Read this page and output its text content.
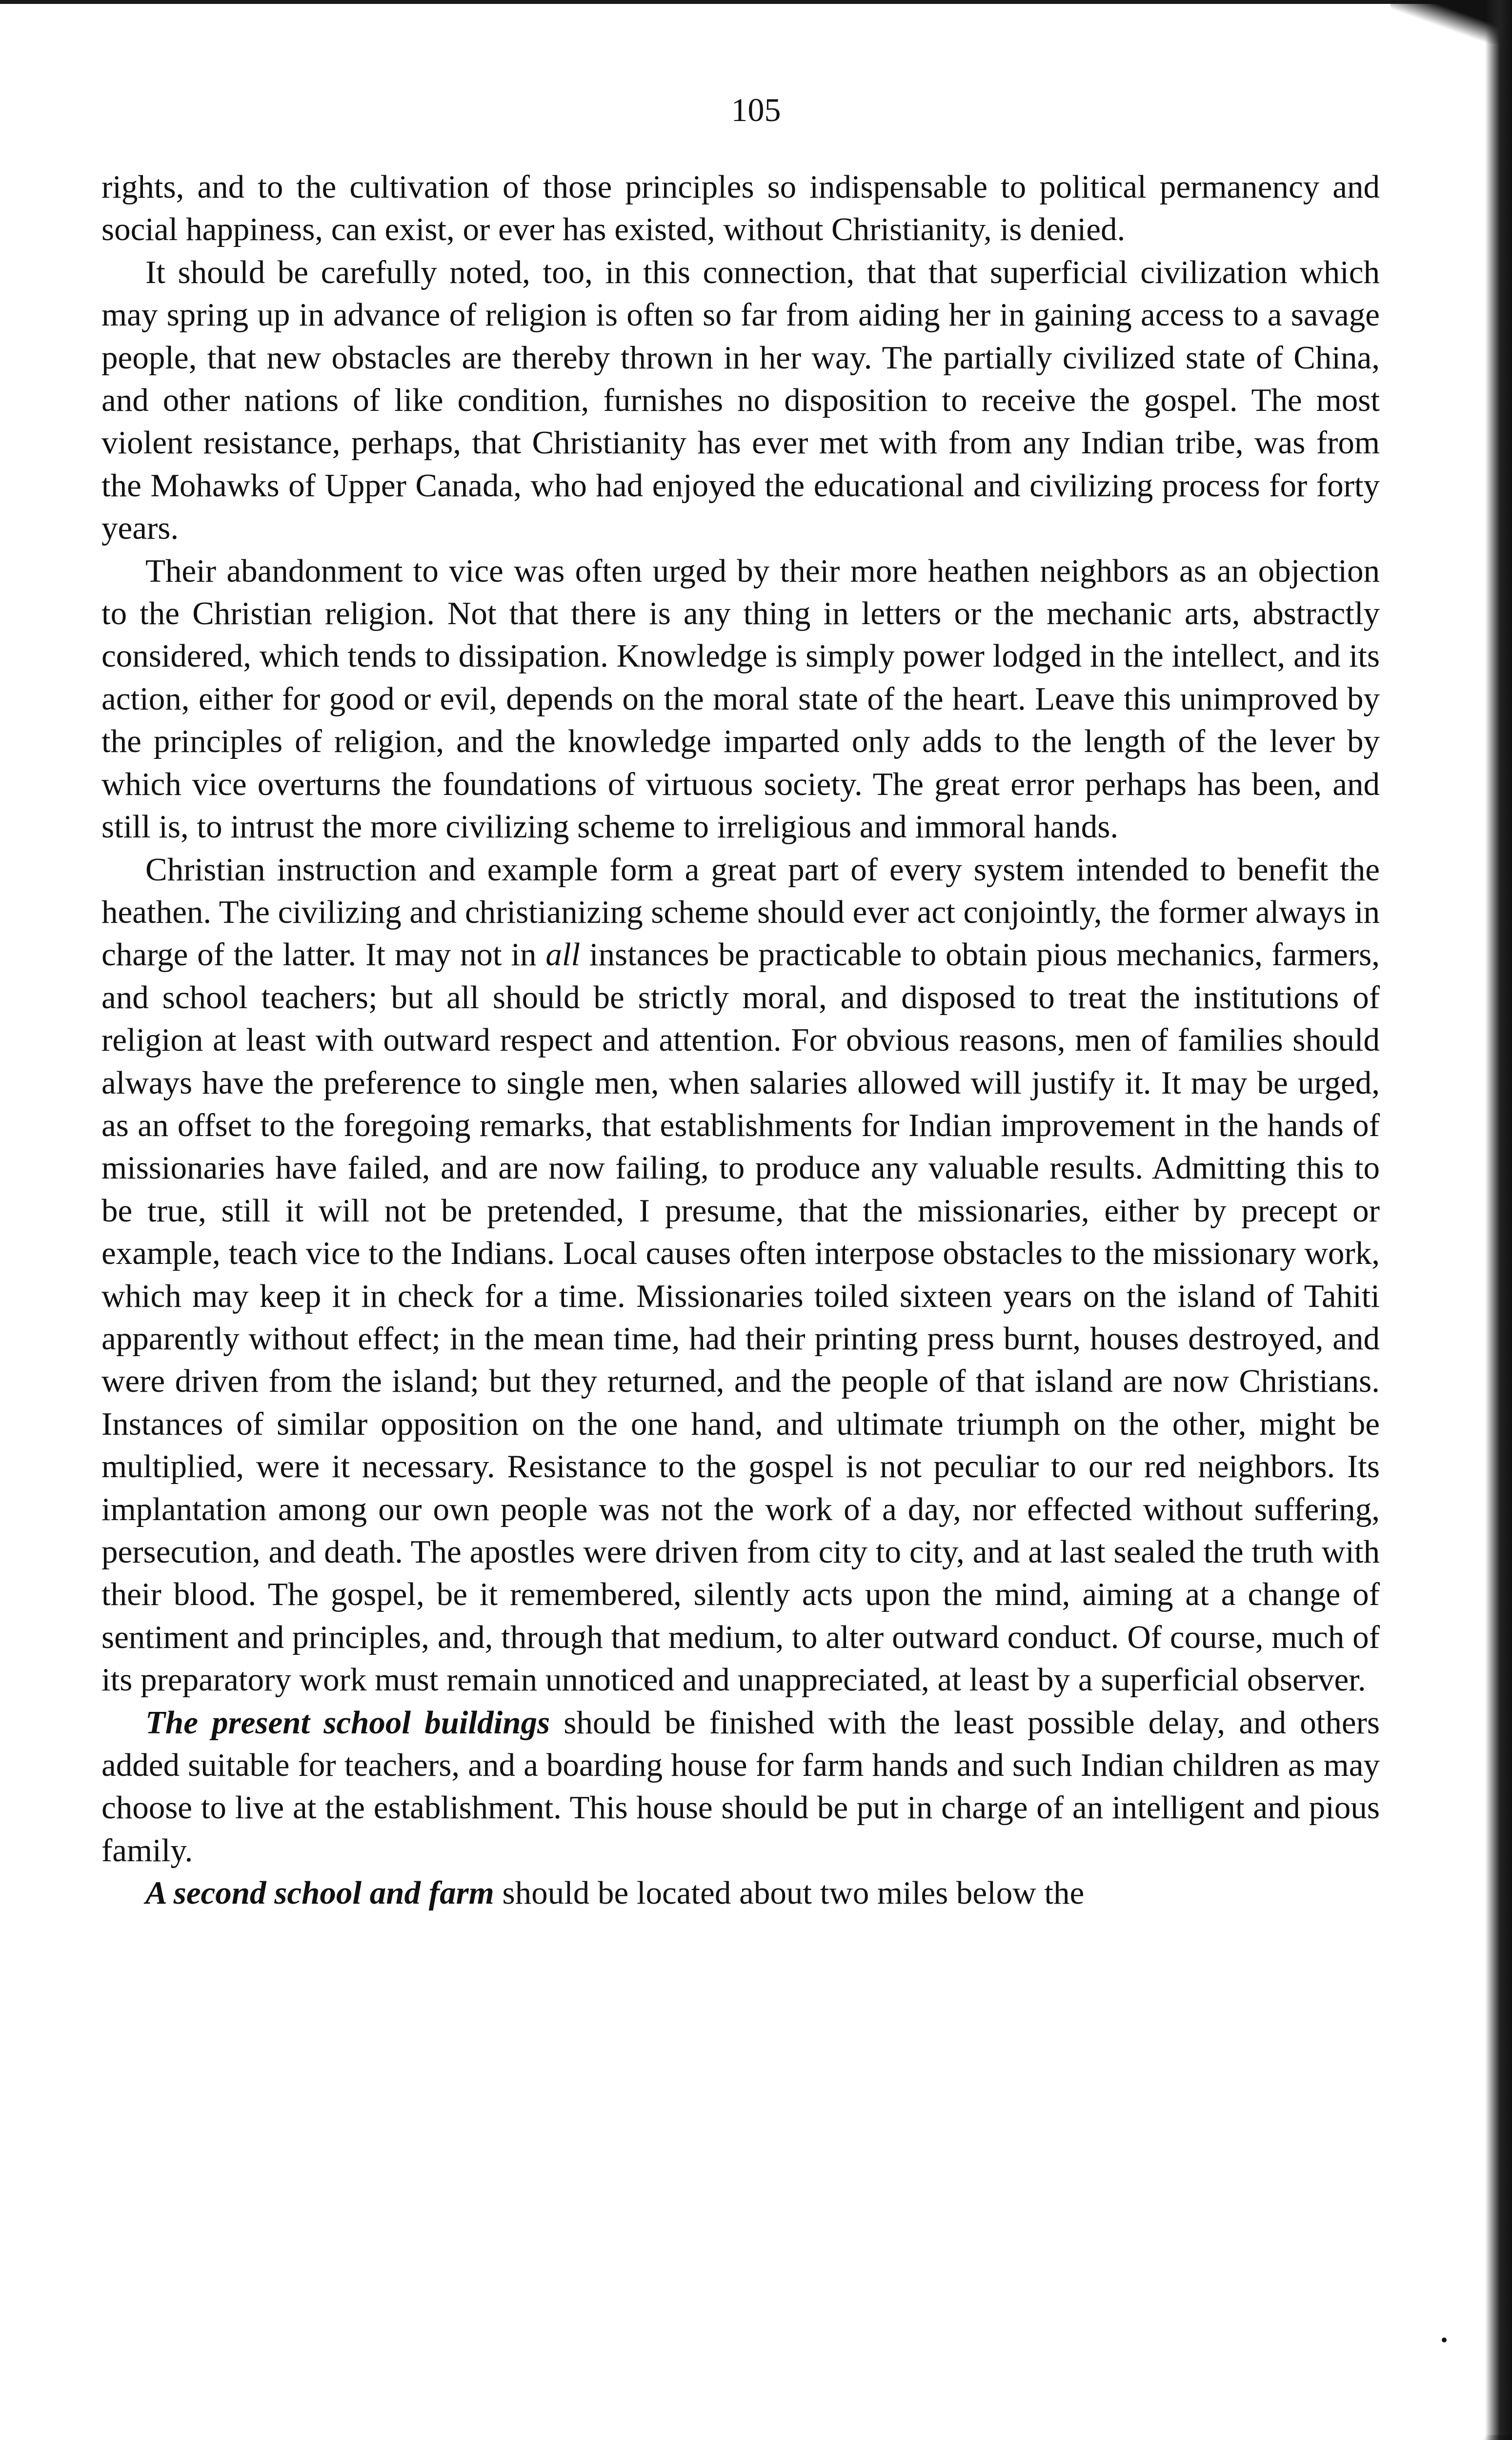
105

rights, and to the cultivation of those principles so indispensable to political permanency and social happiness, can exist, or ever has existed, without Christianity, is denied.

It should be carefully noted, too, in this connection, that that superficial civilization which may spring up in advance of religion is often so far from aiding her in gaining access to a savage people, that new obstacles are thereby thrown in her way. The partially civilized state of China, and other nations of like condition, furnishes no disposition to receive the gospel. The most violent resistance, perhaps, that Christianity has ever met with from any Indian tribe, was from the Mohawks of Upper Canada, who had enjoyed the educational and civilizing process for forty years.

Their abandonment to vice was often urged by their more heathen neighbors as an objection to the Christian religion. Not that there is any thing in letters or the mechanic arts, abstractly considered, which tends to dissipation. Knowledge is simply power lodged in the intellect, and its action, either for good or evil, depends on the moral state of the heart. Leave this unimproved by the principles of religion, and the knowledge imparted only adds to the length of the lever by which vice overturns the foundations of virtuous society. The great error perhaps has been, and still is, to intrust the more civilizing scheme to irreligious and immoral hands.

Christian instruction and example form a great part of every system intended to benefit the heathen. The civilizing and christianizing scheme should ever act conjointly, the former always in charge of the latter. It may not in all instances be practicable to obtain pious mechanics, farmers, and school teachers; but all should be strictly moral, and disposed to treat the institutions of religion at least with outward respect and attention. For obvious reasons, men of families should always have the preference to single men, when salaries allowed will justify it. It may be urged, as an offset to the foregoing remarks, that establishments for Indian improvement in the hands of missionaries have failed, and are now failing, to produce any valuable results. Admitting this to be true, still it will not be pretended, I presume, that the missionaries, either by precept or example, teach vice to the Indians. Local causes often interpose obstacles to the missionary work, which may keep it in check for a time. Missionaries toiled sixteen years on the island of Tahiti apparently without effect; in the mean time, had their printing press burnt, houses destroyed, and were driven from the island; but they returned, and the people of that island are now Christians. Instances of similar opposition on the one hand, and ultimate triumph on the other, might be multiplied, were it necessary. Resistance to the gospel is not peculiar to our red neighbors. Its implantation among our own people was not the work of a day, nor effected without suffering, persecution, and death. The apostles were driven from city to city, and at last sealed the truth with their blood. The gospel, be it remembered, silently acts upon the mind, aiming at a change of sentiment and principles, and, through that medium, to alter outward conduct. Of course, much of its preparatory work must remain unnoticed and unappreciated, at least by a superficial observer.

The present school buildings should be finished with the least possible delay, and others added suitable for teachers, and a boarding house for farm hands and such Indian children as may choose to live at the establishment. This house should be put in charge of an intelligent and pious family.

A second school and farm should be located about two miles below the
